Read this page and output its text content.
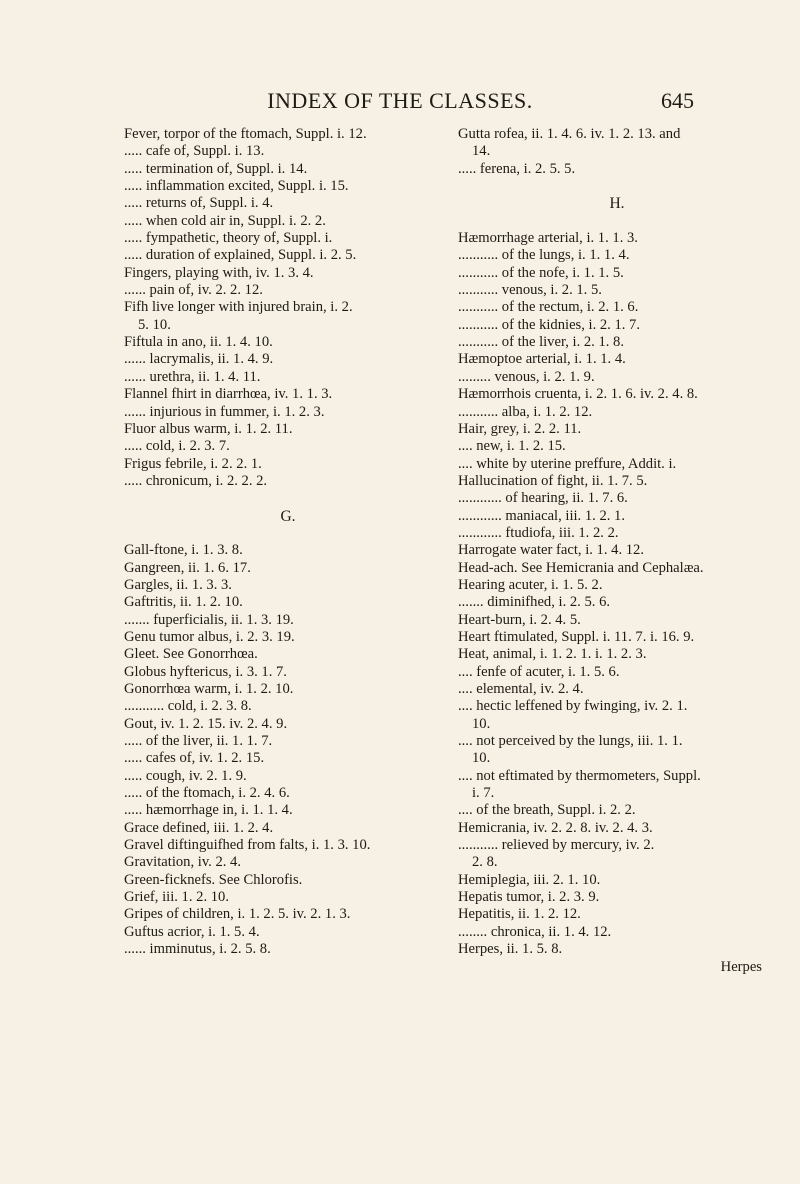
INDEX OF THE CLASSES.	645
Fever, torpor of the ftomach, Suppl. i. 12.
..... cafe of, Suppl. i. 13.
..... termination of, Suppl. i. 14.
..... inflammation excited, Suppl. i. 15.
..... returns of, Suppl. i. 4.
..... when cold air in, Suppl. i. 2. 2.
..... fympathetic, theory of, Suppl. i.
..... duration of explained, Suppl. i. 2. 5.
Fingers, playing with, iv. 1. 3. 4.
...... pain of, iv. 2. 2. 12.
Fifh live longer with injured brain, i. 2.
5. 10.
Fiftula in ano, ii. 1. 4. 10.
...... lacrymalis, ii. 1. 4. 9.
...... urethra, ii. 1. 4. 11.
Flannel fhirt in diarrhœa, iv. 1. 1. 3.
...... injurious in fummer, i. 1. 2. 3.
Fluor albus warm, i. 1. 2. 11.
..... cold, i. 2. 3. 7.
Frigus febrile, i. 2. 2. 1.
..... chronicum, i. 2. 2. 2.
G.
Gall-ftone, i. 1. 3. 8.
Gangreen, ii. 1. 6. 17.
Gargles, ii. 1. 3. 3.
Gaftritis, ii. 1. 2. 10.
....... fuperficialis, ii. 1. 3. 19.
Genu tumor albus, i. 2. 3. 19.
Gleet. See Gonorrhœa.
Globus hyftericus, i. 3. 1. 7.
Gonorrhœa warm, i. 1. 2. 10.
........... cold, i. 2. 3. 8.
Gout, iv. 1. 2. 15. iv. 2. 4. 9.
..... of the liver, ii. 1. 1. 7.
..... cafes of, iv. 1. 2. 15.
..... cough, iv. 2. 1. 9.
..... of the ftomach, i. 2. 4. 6.
..... hæmorrhage in, i. 1. 1. 4.
Grace defined, iii. 1. 2. 4.
Gravel diftinguifhed from falts, i. 1. 3. 10.
Gravitation, iv. 2. 4.
Green-ficknefs. See Chlorofis.
Grief, iii. 1. 2. 10.
Gripes of children, i. 1. 2. 5. iv. 2. 1. 3.
Guftus acrior, i. 1. 5. 4.
...... imminutus, i. 2. 5. 8.
Gutta rofea, ii. 1. 4. 6. iv. 1. 2. 13. and
14.
..... ferena, i. 2. 5. 5.
H.
Hæmorrhage arterial, i. 1. 1. 3.
........... of the lungs, i. 1. 1. 4.
........... of the nofe, i. 1. 1. 5.
........... venous, i. 2. 1. 5.
........... of the rectum, i. 2. 1. 6.
........... of the kidnies, i. 2. 1. 7.
........... of the liver, i. 2. 1. 8.
Hæmoptoe arterial, i. 1. 1. 4.
......... venous, i. 2. 1. 9.
Hæmorrhois cruenta, i. 2. 1. 6. iv. 2. 4. 8.
........... alba, i. 1. 2. 12.
Hair, grey, i. 2. 2. 11.
.... new, i. 1. 2. 15.
.... white by uterine preffure, Addit. i.
Hallucination of fight, ii. 1. 7. 5.
............ of hearing, ii. 1. 7. 6.
............ maniacal, iii. 1. 2. 1.
............ ftudiofa, iii. 1. 2. 2.
Harrogate water fact, i. 1. 4. 12.
Head-ach. See Hemicrania and Cephalæa.
Hearing acuter, i. 1. 5. 2.
....... diminifhed, i. 2. 5. 6.
Heart-burn, i. 2. 4. 5.
Heart ftimulated, Suppl. i. 11. 7. i. 16. 9.
Heat, animal, i. 1. 2. 1. i. 1. 2. 3.
.... fenfe of acuter, i. 1. 5. 6.
.... elemental, iv. 2. 4.
.... hectic leffened by fwinging, iv. 2. 1.
10.
.... not perceived by the lungs, iii. 1. 1.
10.
.... not eftimated by thermometers, Suppl.
i. 7.
.... of the breath, Suppl. i. 2. 2.
Hemicrania, iv. 2. 2. 8. iv. 2. 4. 3.
........... relieved by mercury, iv. 2.
2. 8.
Hemiplegia, iii. 2. 1. 10.
Hepatis tumor, i. 2. 3. 9.
Hepatitis, ii. 1. 2. 12.
........ chronica, ii. 1. 4. 12.
Herpes, ii. 1. 5. 8.
Herpes
